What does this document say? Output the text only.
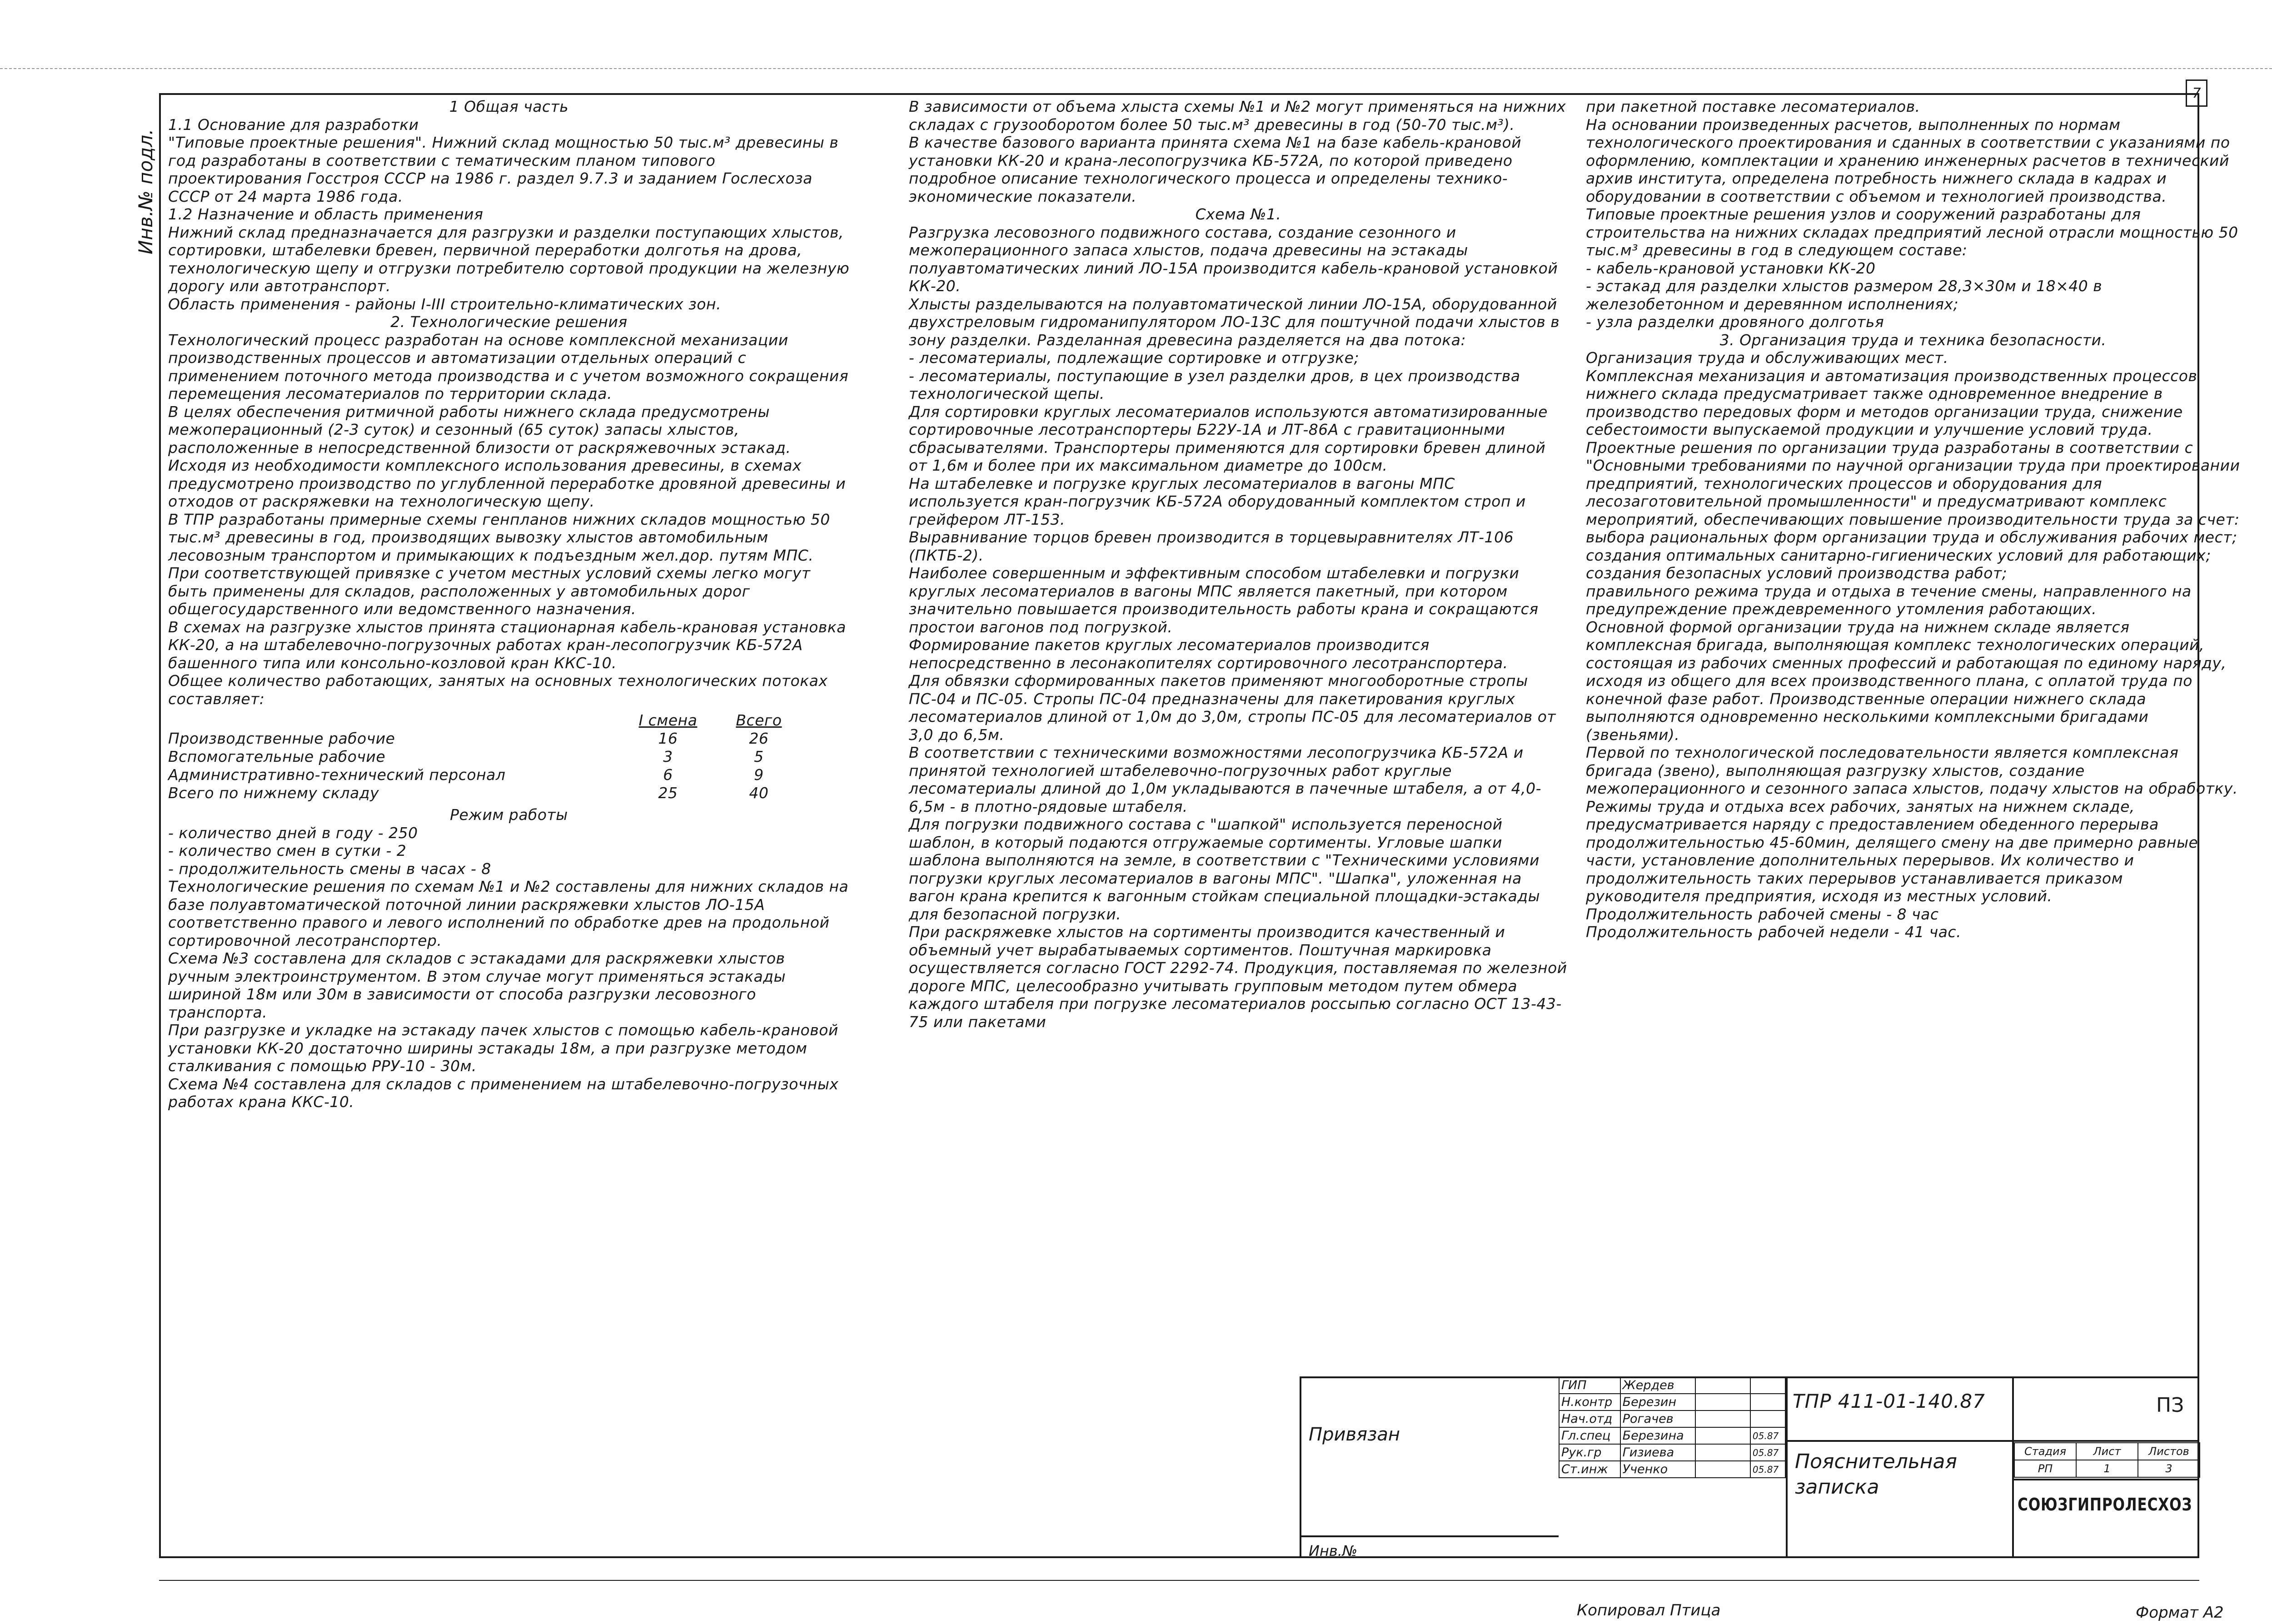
7
Инв.№ подл.

1 Общая часть

1.1 Основание для разработки

"Типовые проектные решения". Нижний склад мощностью 50 тыс.м³ древесины в год разработаны в соответствии с тематическим планом типового проектирования Госстроя СССР на 1986 г. раздел 9.7.3 и заданием Гослесхоза СССР от 24 марта 1986 года.

1.2 Назначение и область применения

Нижний склад предназначается для разгрузки и разделки поступающих хлыстов, сортировки, штабелевки бревен, первичной переработки долготья на дрова, технологическую щепу и отгрузки потребителю сортовой продукции на железную дорогу или автотранспорт.

Область применения - районы I-III строительно-климатических зон.

2. Технологические решения

Технологический процесс разработан на основе комплексной механизации производственных процессов и автоматизации отдельных операций с применением поточного метода производства и с учетом возможного сокращения перемещения лесоматериалов по территории склада.

В целях обеспечения ритмичной работы нижнего склада предусмотрены межоперационный (2-3 суток) и сезонный (65 суток) запасы хлыстов, расположенные в непосредственной близости от раскряжевочных эстакад.

Исходя из необходимости комплексного использования древесины, в схемах предусмотрено производство по углубленной переработке дровяной древесины и отходов от раскряжевки на технологическую щепу.

В ТПР разработаны примерные схемы генпланов нижних складов мощностью 50 тыс.м³ древесины в год, производящих вывозку хлыстов автомобильным лесовозным транспортом и примыкающих к подъездным жел.дор. путям МПС.

При соответствующей привязке с учетом местных условий схемы легко могут быть применены для складов, расположенных у автомобильных дорог общегосударственного или ведомственного назначения.

В схемах на разгрузке хлыстов принята стационарная кабель-крановая установка КК-20, а на штабелевочно-погрузочных работах кран-лесопогрузчик КБ-572А башенного типа или консольно-козловой кран ККС-10.

Общее количество работающих, занятых на основных технологических потоках составляет:

	I смена	Всего
Производственные рабочие	16	26
Вспомогательные рабочие	3	5
Административно-технический персонал	6	9
Всего по нижнему складу	25	40

Режим работы

- количество дней в году - 250

- количество смен в сутки - 2

- продолжительность смены в часах - 8

Технологические решения по схемам №1 и №2 составлены для нижних складов на базе полуавтоматической поточной линии раскряжевки хлыстов ЛО-15А соответственно правого и левого исполнений по обработке древ на продольной сортировочной лесотранспортер.

Схема №3 составлена для складов с эстакадами для раскряжевки хлыстов ручным электроинструментом. В этом случае могут применяться эстакады шириной 18м или 30м в зависимости от способа разгрузки лесовозного транспорта.

При разгрузке и укладке на эстакаду пачек хлыстов с помощью кабель-крановой установки КК-20 достаточно ширины эстакады 18м, а при разгрузке методом сталкивания с помощью РРУ-10 - 30м.

Схема №4 составлена для складов с применением на штабелевочно-погрузочных работах крана ККС-10.

В зависимости от объема хлыста схемы №1 и №2 могут применяться на нижних складах с грузооборотом более 50 тыс.м³ древесины в год (50-70 тыс.м³).

В качестве базового варианта принята схема №1 на базе кабель-крановой установки КК-20 и крана-лесопогрузчика КБ-572А, по которой приведено подробное описание технологического процесса и определены технико-экономические показатели.

Схема №1.

Разгрузка лесовозного подвижного состава, создание сезонного и межоперационного запаса хлыстов, подача древесины на эстакады полуавтоматических линий ЛО-15А производится кабель-крановой установкой КК-20.

Хлысты разделываются на полуавтоматической линии ЛО-15А, оборудованной двухстреловым гидроманипулятором ЛО-13С для поштучной подачи хлыстов в зону разделки. Разделанная древесина разделяется на два потока:

- лесоматериалы, подлежащие сортировке и отгрузке;

- лесоматериалы, поступающие в узел разделки дров, в цех производства технологической щепы.

Для сортировки круглых лесоматериалов используются автоматизированные сортировочные лесотранспортеры Б22У-1А и ЛТ-86А с гравитационными сбрасывателями. Транспортеры применяются для сортировки бревен длиной от 1,6м и более при их максимальном диаметре до 100см.

На штабелевке и погрузке круглых лесоматериалов в вагоны МПС используется кран-погрузчик КБ-572А оборудованный комплектом строп и грейфером ЛТ-153.

Выравнивание торцов бревен производится в торцевыравнителях ЛТ-106 (ПКТБ-2).

Наиболее совершенным и эффективным способом штабелевки и погрузки круглых лесоматериалов в вагоны МПС является пакетный, при котором значительно повышается производительность работы крана и сокращаются простои вагонов под погрузкой.

Формирование пакетов круглых лесоматериалов производится непосредственно в лесонакопителях сортировочного лесотранспортера.

Для обвязки сформированных пакетов применяют многооборотные стропы ПС-04 и ПС-05. Стропы ПС-04 предназначены для пакетирования круглых лесоматериалов длиной от 1,0м до 3,0м, стропы ПС-05 для лесоматериалов от 3,0 до 6,5м.

В соответствии с техническими возможностями лесопогрузчика КБ-572А и принятой технологией штабелевочно-погрузочных работ круглые лесоматериалы длиной до 1,0м укладываются в пачечные штабеля, а от 4,0-6,5м - в плотно-рядовые штабеля.

Для погрузки подвижного состава с "шапкой" используется переносной шаблон, в который подаются отгружаемые сортименты. Угловые шапки шаблона выполняются на земле, в соответствии с "Техническими условиями погрузки круглых лесоматериалов в вагоны МПС". "Шапка", уложенная на вагон крана крепится к вагонным стойкам специальной площадки-эстакады для безопасной погрузки.

При раскряжевке хлыстов на сортименты производится качественный и объемный учет вырабатываемых сортиментов. Поштучная маркировка осуществляется согласно ГОСТ 2292-74. Продукция, поставляемая по железной дороге МПС, целесообразно учитывать групповым методом путем обмера каждого штабеля при погрузке лесоматериалов россыпью согласно ОСТ 13-43-75 или пакетами

при пакетной поставке лесоматериалов.

На основании произведенных расчетов, выполненных по нормам технологического проектирования и сданных в соответствии с указаниями по оформлению, комплектации и хранению инженерных расчетов в технический архив института, определена потребность нижнего склада в кадрах и оборудовании в соответствии с объемом и технологией производства.

Типовые проектные решения узлов и сооружений разработаны для строительства на нижних складах предприятий лесной отрасли мощностью 50 тыс.м³ древесины в год в следующем составе:

- кабель-крановой установки КК-20

- эстакад для разделки хлыстов размером 28,3×30м и 18×40 в железобетонном и деревянном исполнениях;

- узла разделки дровяного долготья

3. Организация труда и техника безопасности.

Организация труда и обслуживающих мест.

Комплексная механизация и автоматизация производственных процессов нижнего склада предусматривает также одновременное внедрение в производство передовых форм и методов организации труда, снижение себестоимости выпускаемой продукции и улучшение условий труда.

Проектные решения по организации труда разработаны в соответствии с "Основными требованиями по научной организации труда при проектировании предприятий, технологических процессов и оборудования для лесозаготовительной промышленности" и предусматривают комплекс мероприятий, обеспечивающих повышение производительности труда за счет:

выбора рациональных форм организации труда и обслуживания рабочих мест;

создания оптимальных санитарно-гигиенических условий для работающих;

создания безопасных условий производства работ;

правильного режима труда и отдыха в течение смены, направленного на предупреждение преждевременного утомления работающих.

Основной формой организации труда на нижнем складе является комплексная бригада, выполняющая комплекс технологических операций, состоящая из рабочих сменных профессий и работающая по единому наряду, исходя из общего для всех производственного плана, с оплатой труда по конечной фазе работ. Производственные операции нижнего склада выполняются одновременно несколькими комплексными бригадами (звеньями).

Первой по технологической последовательности является комплексная бригада (звено), выполняющая разгрузку хлыстов, создание межоперационного и сезонного запаса хлыстов, подачу хлыстов на обработку.

Режимы труда и отдыха всех рабочих, занятых на нижнем складе, предусматривается наряду с предоставлением обеденного перерыва продолжительностью 45-60мин, делящего смену на две примерно равные части, установление дополнительных перерывов. Их количество и продолжительность таких перерывов устанавливается приказом руководителя предприятия, исходя из местных условий.

Продолжительность рабочей смены - 8 час

Продолжительность рабочей недели - 41 час.

ГИП	Жердев		
Н.контр	Березин		
Нач.отд	Рогачев		
Гл.спец	Березина		05.87
Рук.гр	Гизиева		05.87
Ст.инж	Ученко		05.87
Привязан
Инв.№
ТПР 411-01-140.87	ПЗ
Пояснительная записка
Стадия	Лист	Листов
РП	1	3
СОЮЗГИПРОЛЕСХОЗ
Копировал Птица	Формат А2
